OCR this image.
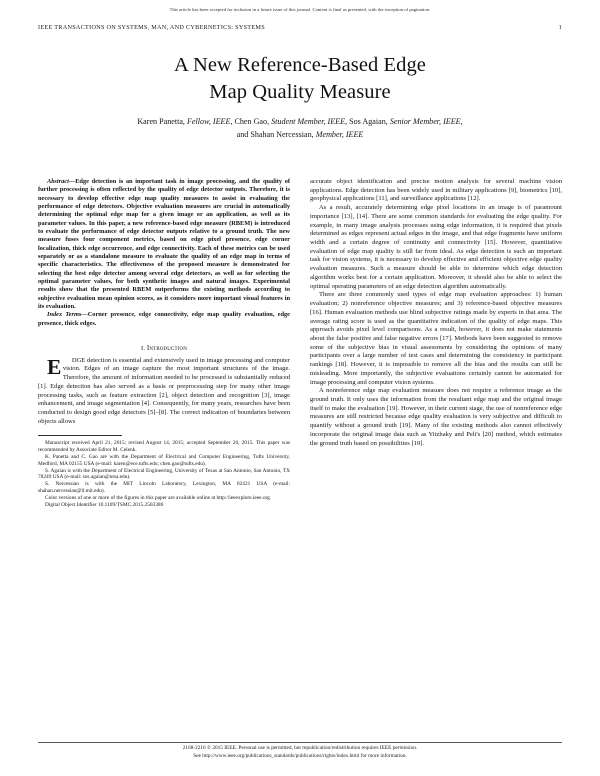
This article has been accepted for inclusion in a future issue of this journal. Content is final as presented, with the exception of pagination.
IEEE TRANSACTIONS ON SYSTEMS, MAN, AND CYBERNETICS: SYSTEMS	1
A New Reference-Based Edge
Map Quality Measure
Karen Panetta, Fellow, IEEE, Chen Gao, Student Member, IEEE, Sos Agaian, Senior Member, IEEE,
and Shahan Nercessian, Member, IEEE

Abstract—Edge detection is an important task in image processing, and the quality of further processing is often reflected by the quality of edge detector outputs. Therefore, it is necessary to develop effective edge map quality measures to assist in evaluating the performance of edge detectors. Objective evaluation measures are crucial in automatically determining the optimal edge map for a given image or an application, as well as its parameter values. In this paper, a new reference-based edge measure (RBEM) is introduced to evaluate the performance of edge detector outputs relative to a ground truth. The new measure fuses four component metrics, based on edge pixel presence, edge corner localization, thick edge occurrence, and edge connectivity. Each of these metrics can be used separately or as a standalone measure to evaluate the quality of an edge map in terms of specific characteristics. The effectiveness of the proposed measure is demonstrated for selecting the best edge detector among several edge detectors, as well as for selecting the optimal parameter values, for both synthetic images and natural images. Experimental results show that the presented RBEM outperforms the existing methods according to subjective evaluation mean opinion scores, as it considers more important visual features in its evaluation.

Index Terms—Corner presence, edge connectivity, edge map quality evaluation, edge presence, thick edges.

I. Introduction

E DGE detection is essential and extensively used in image processing and computer vision. Edges of an image capture the most important structures of the image. Therefore, the amount of information needed to be processed is substantially reduced [1]. Edge detection has also served as a basis or preprocessing step for many other image processing tasks, such as feature extraction [2], object detection and recognition [3], image enhancement, and image segmentation [4]. Consequently, for many years, researches have been conducted to design good edge detectors [5]–[8]. The correct indication of boundaries between objects allows

Manuscript received April 21, 2015; revised August 14, 2015; accepted September 26, 2015. This paper was recommended by Associate Editor M. Celenk.

K. Panetta and C. Gao are with the Department of Electrical and Computer Engineering, Tufts University, Medford, MA 02155 USA (e-mail: karen@ece.tufts.edu; chen.gao@tufts.edu).

S. Agaian is with the Department of Electrical Engineering, University of Texas at San Antonio, San Antonio, TX 78249 USA (e-mail: sos.agaian@utsa.edu).

S. Nercessian is with the MIT Lincoln Laboratory, Lexington, MA 02421 USA (e-mail: shahan.nercessian@ll.mit.edu).

Color versions of one or more of the figures in this paper are available online at http://ieeexplore.ieee.org.

Digital Object Identifier 10.1109/TSMC.2015.2503386

accurate object identification and precise motion analysis for several machine vision applications. Edge detection has been widely used in military applications [9], biometrics [10], geophysical applications [11], and surveillance applications [12].

As a result, accurately determining edge pixel locations in an image is of paramount importance [13], [14]. There are some common standards for evaluating the edge quality. For example, in many image analysis processes using edge information, it is required that pixels determined as edges represent actual edges in the image, and that edge fragments have uniform width and a certain degree of continuity and connectivity [15]. However, quantitative evaluation of edge map quality is still far from ideal. As edge detection is such an important task for vision systems, it is necessary to develop effective and efficient objective edge quality evaluation measures. Such a measure should be able to determine which edge detection algorithm works best for a certain application. Moreover, it should also be able to select the optimal operating parameters of an edge detection algorithm automatically.

There are three commonly used types of edge map evaluation approaches: 1) human evaluation; 2) nonreference objective measures; and 3) reference-based objective measures [16]. Human evaluation methods use blind subjective ratings made by experts in that area. The average rating score is used as the quantitative indication of the quality of edge maps. This approach avoids pixel level comparisons. As a result, however, it does not make statements about the false positive and false negative errors [17]. Methods have been suggested to remove some of the subjective bias in visual assessments by considering the opinions of many participants over a large number of test cases and determining the consistency in participant rankings [18]. However, it is impossible to remove all the bias and the results can still be misleading. More importantly, the subjective evaluations certainly cannot be automated for image processing and computer vision systems.

A nonreference edge map evaluation measure does not require a reference image as the ground truth. It only uses the information from the resultant edge map and the original image itself to make the evaluation [19]. However, in their current stage, the use of nonreference edge measures are still restricted because edge quality evaluation is very subjective and difficult to quantify without a ground truth [19]. Many of the existing methods also cannot effectively incorporate the original image data such as Yitzhaky and Peli's [20] method, which estimates the ground truth based on possibilities [19].

2168-2216 © 2015 IEEE. Personal use is permitted, but republication/redistribution requires IEEE permission.
See http://www.ieee.org/publications_standards/publications/rights/index.html for more information.
